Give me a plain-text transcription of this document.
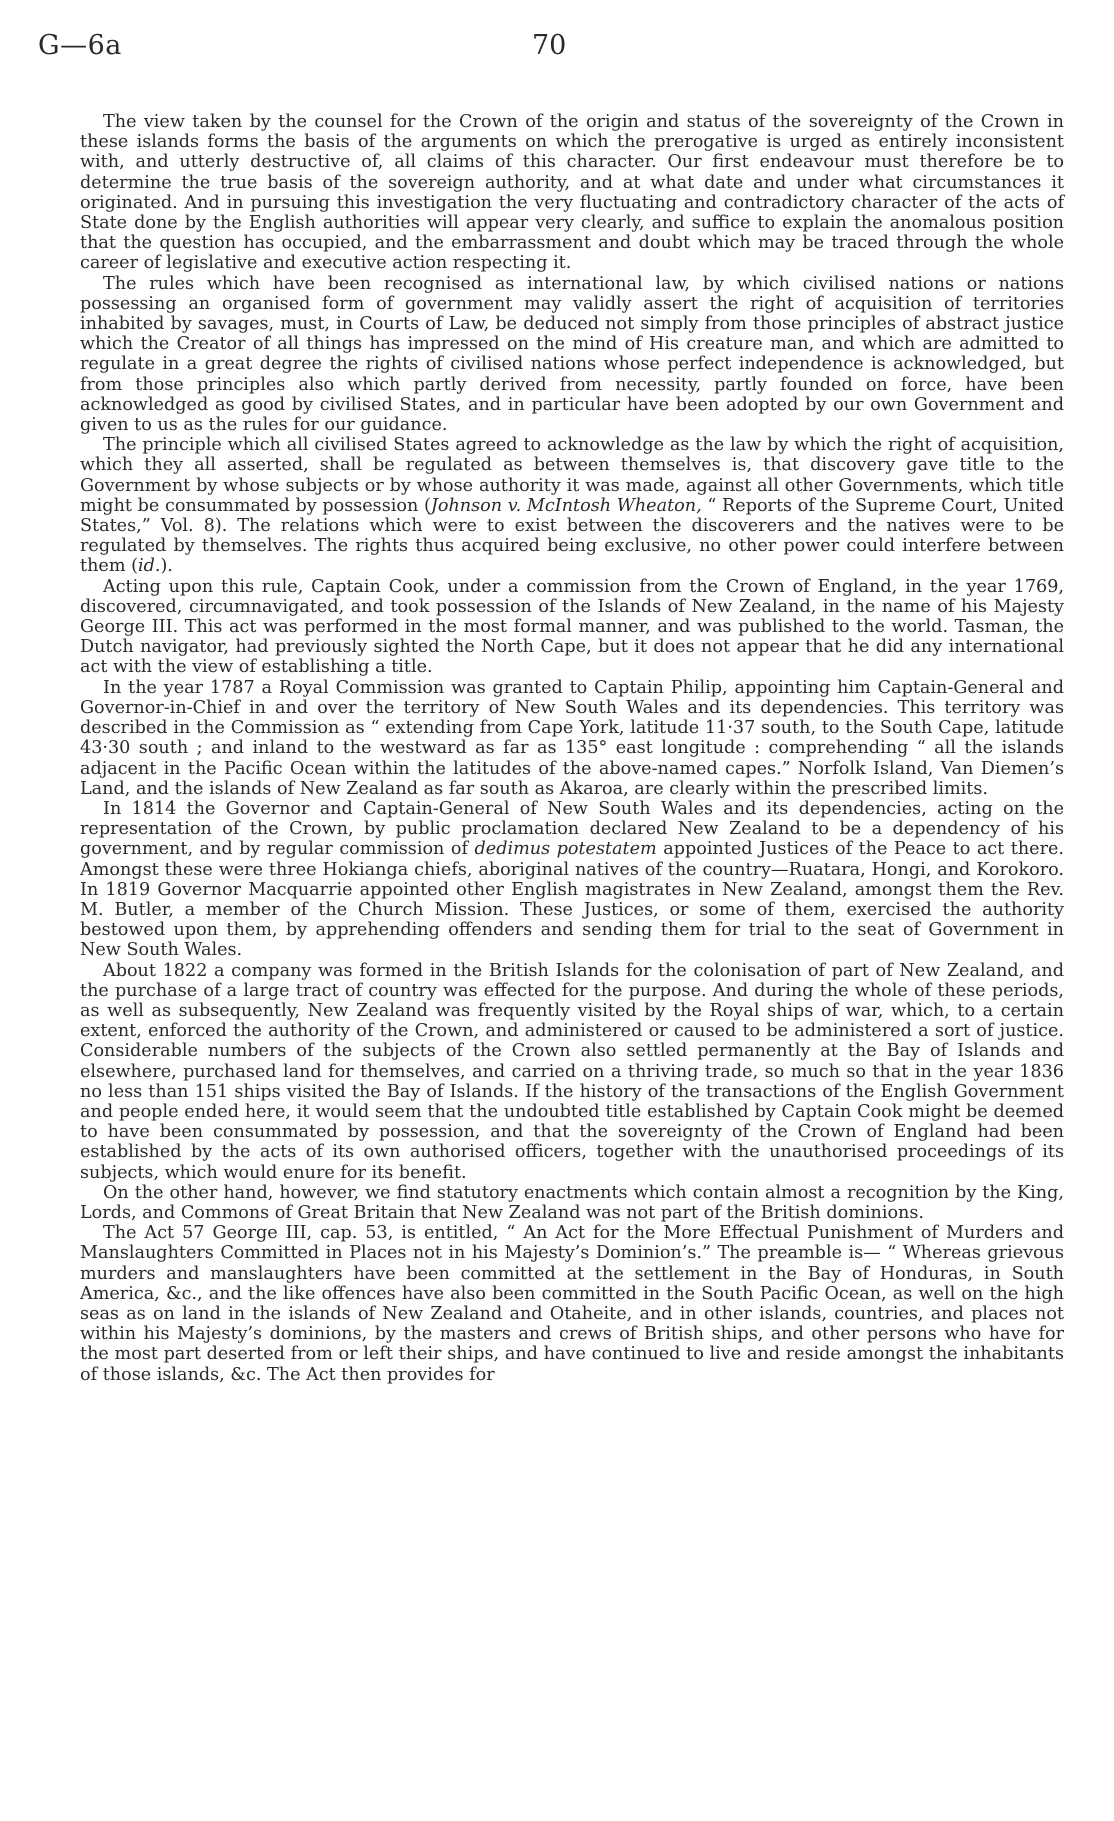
G—6a	70

The view taken by the counsel for the Crown of the origin and status of the sovereignty of the Crown in these islands forms the basis of the arguments on which the prerogative is urged as entirely inconsistent with, and utterly destructive of, all claims of this character. Our first endeavour must therefore be to determine the true basis of the sovereign authority, and at what date and under what circumstances it originated. And in pursuing this investigation the very fluctuating and contradictory character of the acts of State done by the English authorities will appear very clearly, and suffice to explain the anomalous position that the question has occupied, and the embarrassment and doubt which may be traced through the whole career of legislative and executive action respecting it.

The rules which have been recognised as international law, by which civilised nations or nations possessing an organised form of government may validly assert the right of acquisition of territories inhabited by savages, must, in Courts of Law, be deduced not simply from those principles of abstract justice which the Creator of all things has impressed on the mind of His creature man, and which are admitted to regulate in a great degree the rights of civilised nations whose perfect independence is acknowledged, but from those principles also which partly derived from necessity, partly founded on force, have been acknowledged as good by civilised States, and in particular have been adopted by our own Government and given to us as the rules for our guidance.

The principle which all civilised States agreed to acknowledge as the law by which the right of acquisition, which they all asserted, shall be regulated as between themselves is, that discovery gave title to the Government by whose subjects or by whose authority it was made, against all other Governments, which title might be consummated by possession (Johnson v. McIntosh Wheaton, “ Reports of the Supreme Court, United States,” Vol. 8). The relations which were to exist between the discoverers and the natives were to be regulated by themselves. The rights thus acquired being exclusive, no other power could interfere between them (id.).

Acting upon this rule, Captain Cook, under a commission from the Crown of England, in the year 1769, discovered, circumnavigated, and took possession of the Islands of New Zealand, in the name of his Majesty George III. This act was performed in the most formal manner, and was published to the world. Tasman, the Dutch navigator, had previously sighted the North Cape, but it does not appear that he did any international act with the view of establishing a title.

In the year 1787 a Royal Commission was granted to Captain Philip, appointing him Captain-General and Governor-in-Chief in and over the territory of New South Wales and its dependencies. This territory was described in the Commission as “ extending from Cape York, latitude 11·37 south, to the South Cape, latitude 43·30 south ; and inland to the westward as far as 135° east longitude : comprehending “ all the islands adjacent in the Pacific Ocean within the latitudes of the above-named capes.” Norfolk Island, Van Diemen’s Land, and the islands of New Zealand as far south as Akaroa, are clearly within the prescribed limits.

In 1814 the Governor and Captain-General of New South Wales and its dependencies, acting on the representation of the Crown, by public proclamation declared New Zealand to be a dependency of his government, and by regular commission of dedimus potestatem appointed Justices of the Peace to act there. Amongst these were three Hokianga chiefs, aboriginal natives of the country—Ruatara, Hongi, and Korokoro. In 1819 Governor Macquarrie appointed other English magistrates in New Zealand, amongst them the Rev. M. Butler, a member of the Church Mission. These Justices, or some of them, exercised the authority bestowed upon them, by apprehending offenders and sending them for trial to the seat of Government in New South Wales.

About 1822 a company was formed in the British Islands for the colonisation of part of New Zealand, and the purchase of a large tract of country was effected for the purpose. And during the whole of these periods, as well as subsequently, New Zealand was frequently visited by the Royal ships of war, which, to a certain extent, enforced the authority of the Crown, and administered or caused to be administered a sort of justice. Considerable numbers of the subjects of the Crown also settled permanently at the Bay of Islands and elsewhere, purchased land for themselves, and carried on a thriving trade, so much so that in the year 1836 no less than 151 ships visited the Bay of Islands. If the history of the transactions of the English Government and people ended here, it would seem that the undoubted title established by Captain Cook might be deemed to have been consummated by possession, and that the sovereignty of the Crown of England had been established by the acts of its own authorised officers, together with the unauthorised proceedings of its subjects, which would enure for its benefit.

On the other hand, however, we find statutory enactments which contain almost a recognition by the King, Lords, and Commons of Great Britain that New Zealand was not part of the British dominions.

The Act 57 George III, cap. 53, is entitled, “ An Act for the More Effectual Punishment of Murders and Manslaughters Committed in Places not in his Majesty’s Dominion’s.” The preamble is— “ Whereas grievous murders and manslaughters have been committed at the settlement in the Bay of Honduras, in South America, &c., and the like offences have also been committed in the South Pacific Ocean, as well on the high seas as on land in the islands of New Zealand and Otaheite, and in other islands, countries, and places not within his Majesty’s dominions, by the masters and crews of British ships, and other persons who have for the most part deserted from or left their ships, and have continued to live and reside amongst the inhabitants of those islands, &c. The Act then provides for
